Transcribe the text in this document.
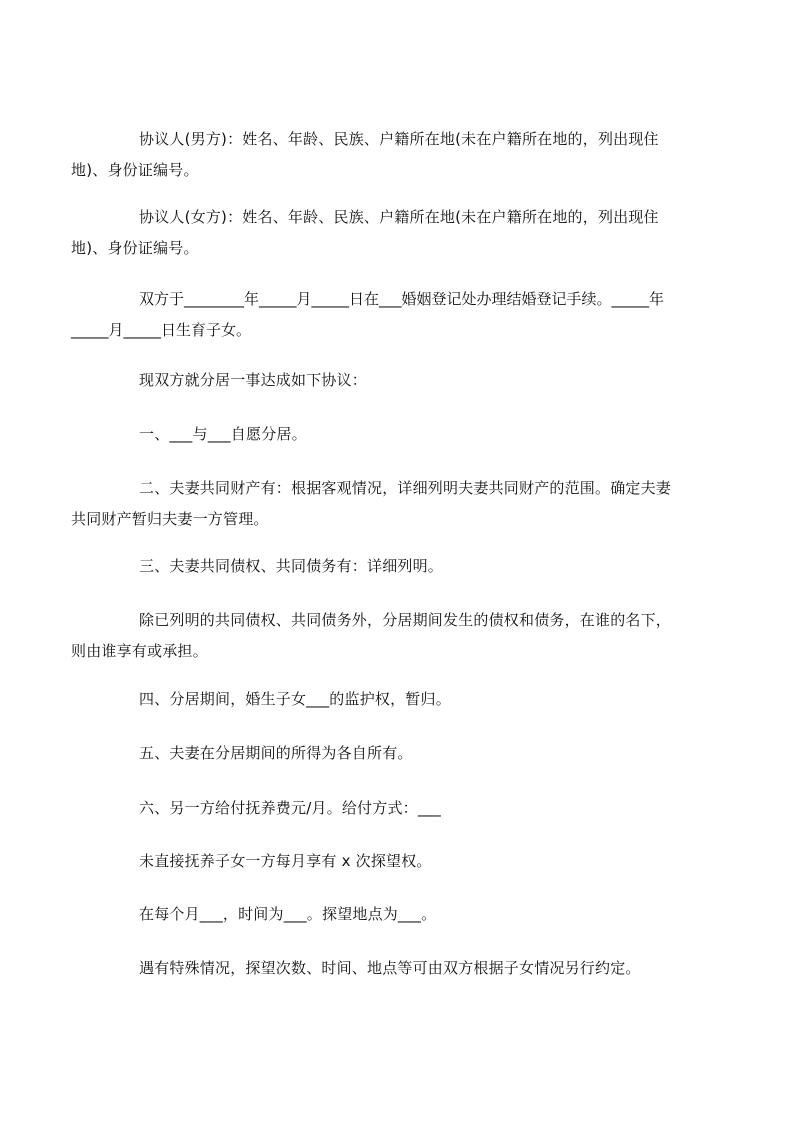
协议人(男方)：姓名、年龄、民族、户籍所在地(未在户籍所在地的，列出现住
地)、身份证编号。

协议人(女方)：姓名、年龄、民族、户籍所在地(未在户籍所在地的，列出现住
地)、身份证编号。

双方于________年_____月_____日在___婚姻登记处办理结婚登记手续。_____年
_____月_____日生育子女。

现双方就分居一事达成如下协议：

一、___与___自愿分居。

二、夫妻共同财产有：根据客观情况，详细列明夫妻共同财产的范围。确定夫妻
共同财产暂归夫妻一方管理。

三、夫妻共同债权、共同债务有：详细列明。

除已列明的共同债权、共同债务外，分居期间发生的债权和债务，在谁的名下，
则由谁享有或承担。

四、分居期间，婚生子女___的监护权，暂归。

五、夫妻在分居期间的所得为各自所有。

六、另一方给付抚养费元/月。给付方式：___

未直接抚养子女一方每月享有 x 次探望权。

在每个月___，时间为___。探望地点为___。

遇有特殊情况，探望次数、时间、地点等可由双方根据子女情况另行约定。
